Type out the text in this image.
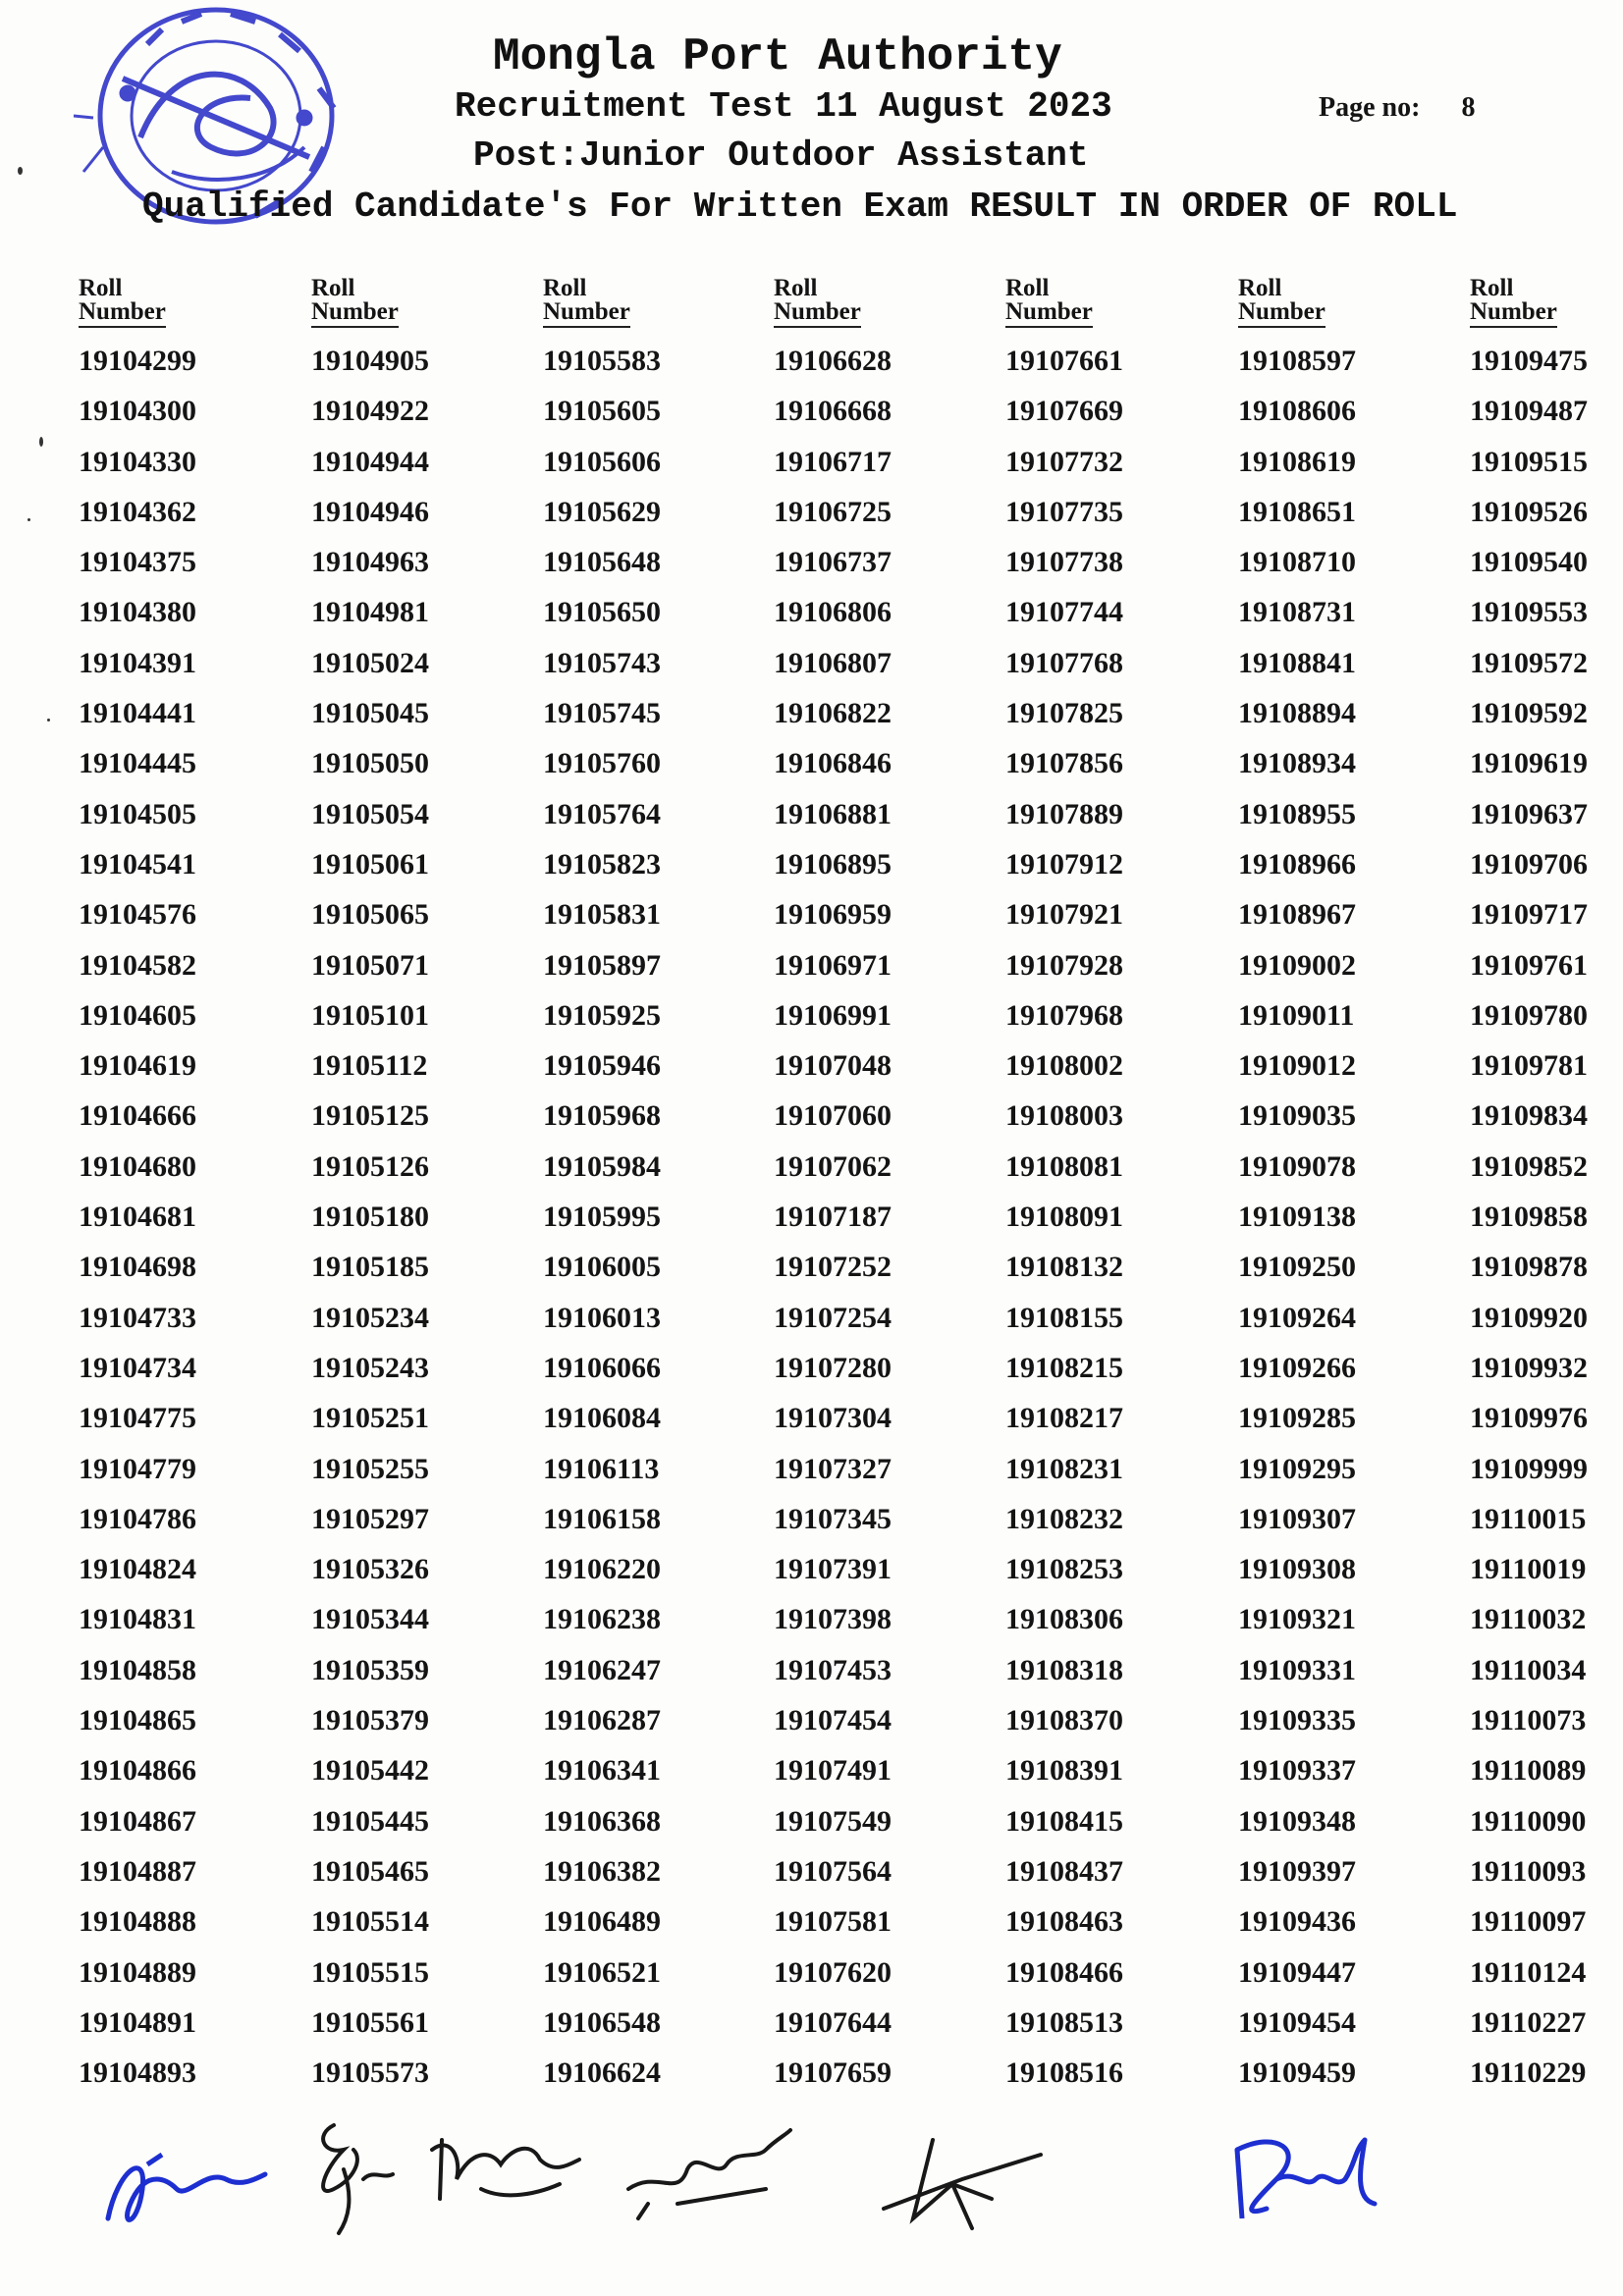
Mongla Port Authority
Recruitment Test 11 August 2023
Post:Junior Outdoor Assistant
Qualified Candidate's For Written Exam RESULT IN ORDER OF ROLL
Page no: 8
Roll
Number
19104299
19104300
19104330
19104362
19104375
19104380
19104391
19104441
19104445
19104505
19104541
19104576
19104582
19104605
19104619
19104666
19104680
19104681
19104698
19104733
19104734
19104775
19104779
19104786
19104824
19104831
19104858
19104865
19104866
19104867
19104887
19104888
19104889
19104891
19104893
Roll
Number
19104905
19104922
19104944
19104946
19104963
19104981
19105024
19105045
19105050
19105054
19105061
19105065
19105071
19105101
19105112
19105125
19105126
19105180
19105185
19105234
19105243
19105251
19105255
19105297
19105326
19105344
19105359
19105379
19105442
19105445
19105465
19105514
19105515
19105561
19105573
Roll
Number
19105583
19105605
19105606
19105629
19105648
19105650
19105743
19105745
19105760
19105764
19105823
19105831
19105897
19105925
19105946
19105968
19105984
19105995
19106005
19106013
19106066
19106084
19106113
19106158
19106220
19106238
19106247
19106287
19106341
19106368
19106382
19106489
19106521
19106548
19106624
Roll
Number
19106628
19106668
19106717
19106725
19106737
19106806
19106807
19106822
19106846
19106881
19106895
19106959
19106971
19106991
19107048
19107060
19107062
19107187
19107252
19107254
19107280
19107304
19107327
19107345
19107391
19107398
19107453
19107454
19107491
19107549
19107564
19107581
19107620
19107644
19107659
Roll
Number
19107661
19107669
19107732
19107735
19107738
19107744
19107768
19107825
19107856
19107889
19107912
19107921
19107928
19107968
19108002
19108003
19108081
19108091
19108132
19108155
19108215
19108217
19108231
19108232
19108253
19108306
19108318
19108370
19108391
19108415
19108437
19108463
19108466
19108513
19108516
Roll
Number
19108597
19108606
19108619
19108651
19108710
19108731
19108841
19108894
19108934
19108955
19108966
19108967
19109002
19109011
19109012
19109035
19109078
19109138
19109250
19109264
19109266
19109285
19109295
19109307
19109308
19109321
19109331
19109335
19109337
19109348
19109397
19109436
19109447
19109454
19109459
Roll
Number
19109475
19109487
19109515
19109526
19109540
19109553
19109572
19109592
19109619
19109637
19109706
19109717
19109761
19109780
19109781
19109834
19109852
19109858
19109878
19109920
19109932
19109976
19109999
19110015
19110019
19110032
19110034
19110073
19110089
19110090
19110093
19110097
19110124
19110227
19110229
